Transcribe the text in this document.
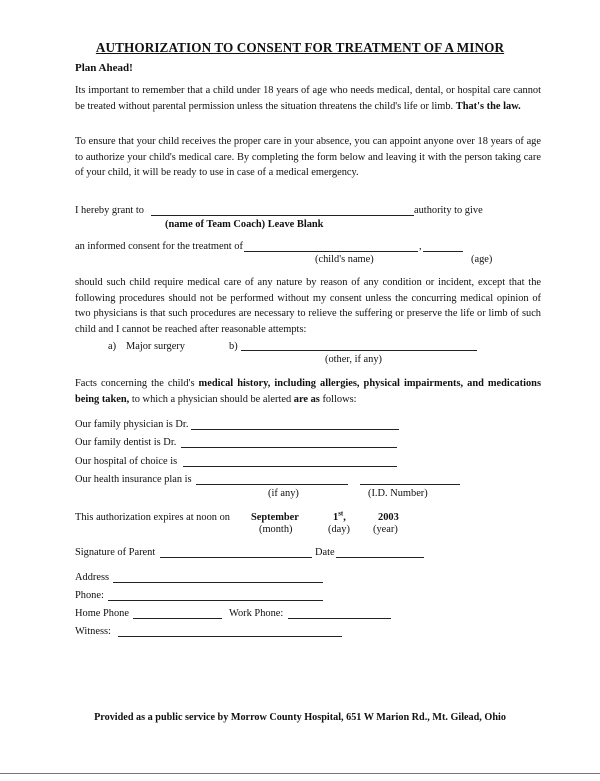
AUTHORIZATION TO CONSENT FOR TREATMENT OF A MINOR
Plan Ahead!
Its important to remember that a child under 18 years of age who needs medical, dental, or hospital care cannot be treated without parental permission unless the situation threatens the child's life or limb. That's the law.
To ensure that your child receives the proper care in your absence, you can appoint anyone over 18 years of age to authorize your child's medical care. By completing the form below and leaving it with the person taking care of your child, it will be ready to use in case of a medical emergency.
I hereby grant to	authority to give
(name of Team Coach) Leave Blank
an informed consent for the treatment of	,
(child's name)	(age)
should such child require medical care of any nature by reason of any condition or incident, except that the following procedures should not be performed without my consent unless the concurring medical opinion of two physicians is that such procedures are necessary to relieve the suffering or preserve the life or limb of such child and I cannot be reached after reasonable attempts:
a) Major surgery	b)
(other, if any)
Facts concerning the child's medical history, including allergies, physical impairments, and medications being taken, to which a physician should be alerted are as follows:
Our family physician is Dr.
Our family dentist is Dr.
Our hospital of choice is
Our health insurance plan is
(if any)	(I.D. Number)
This authorization expires at noon on September	1st,	2003
(month)	(day) (year)
Signature of Parent	Date
Address
Phone:
Home Phone	Work Phone:
Witness:
Provided as a public service by Morrow County Hospital, 651 W Marion Rd., Mt. Gilead, Ohio
